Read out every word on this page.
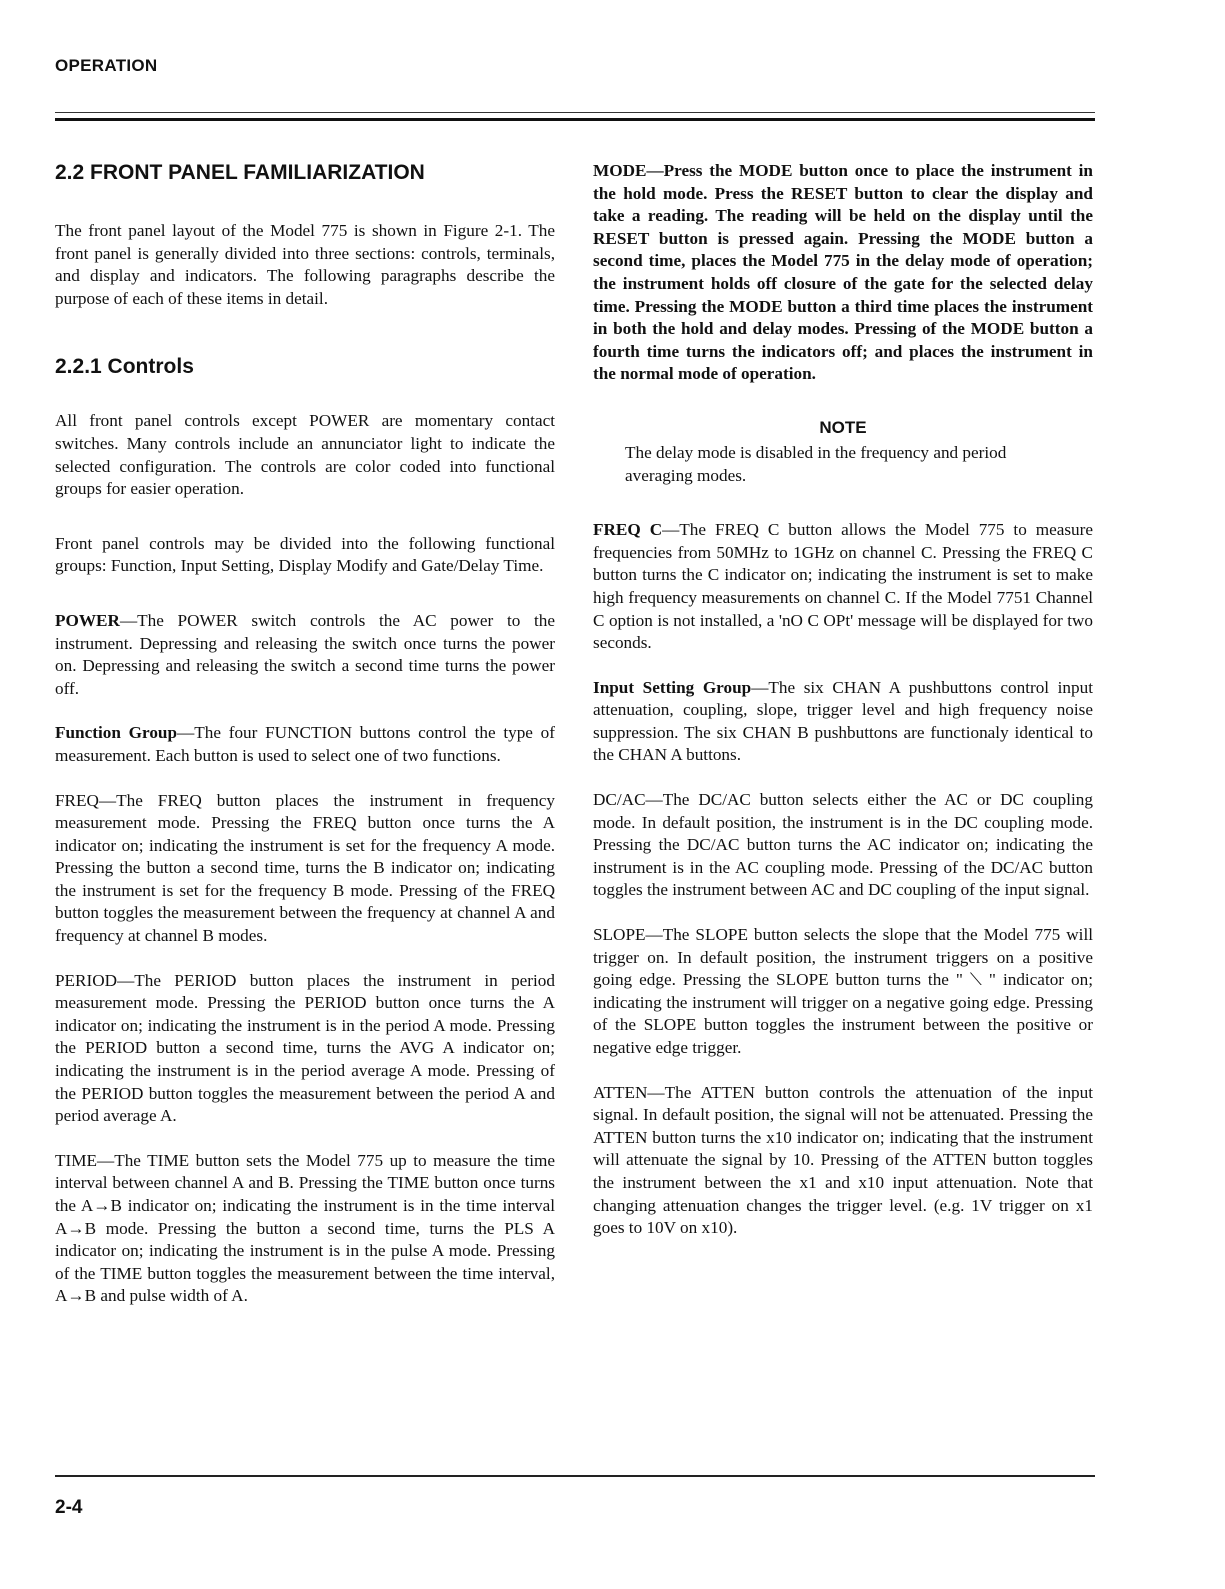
OPERATION
2.2 FRONT PANEL FAMILIARIZATION

The front panel layout of the Model 775 is shown in Figure 2-1. The front panel is generally divided into three sections: controls, terminals, and display and indicators. The following paragraphs describe the purpose of each of these items in detail.

2.2.1 Controls

All front panel controls except POWER are momentary contact switches. Many controls include an annunciator light to indicate the selected configuration. The controls are color coded into functional groups for easier operation.

Front panel controls may be divided into the following functional groups: Function, Input Setting, Display Modify and Gate/Delay Time.

POWER—The POWER switch controls the AC power to the instrument. Depressing and releasing the switch once turns the power on. Depressing and releasing the switch a second time turns the power off.

Function Group—The four FUNCTION buttons control the type of measurement. Each button is used to select one of two functions.

FREQ—The FREQ button places the instrument in frequency measurement mode. Pressing the FREQ button once turns the A indicator on; indicating the instrument is set for the frequency A mode. Pressing the button a second time, turns the B indicator on; indicating the instrument is set for the frequency B mode. Pressing of the FREQ button toggles the measurement between the frequency at channel A and frequency at channel B modes.

PERIOD—The PERIOD button places the instrument in period measurement mode. Pressing the PERIOD button once turns the A indicator on; indicating the instrument is in the period A mode. Pressing the PERIOD button a second time, turns the AVG A indicator on; indicating the instrument is in the period average A mode. Pressing of the PERIOD button toggles the measurement between the period A and period average A.

TIME—The TIME button sets the Model 775 up to measure the time interval between channel A and B. Pressing the TIME button once turns the A→B indicator on; indicating the instrument is in the time interval A→B mode. Pressing the button a second time, turns the PLS A indicator on; indicating the instrument is in the pulse A mode. Pressing of the TIME button toggles the measurement between the time interval, A→B and pulse width of A.

MODE—Press the MODE button once to place the instrument in the hold mode. Press the RESET button to clear the display and take a reading. The reading will be held on the display until the RESET button is pressed again. Pressing the MODE button a second time, places the Model 775 in the delay mode of operation; the instrument holds off closure of the gate for the selected delay time. Pressing the MODE button a third time places the instrument in both the hold and delay modes. Pressing of the MODE button a fourth time turns the indicators off; and places the instrument in the normal mode of operation.

NOTE

The delay mode is disabled in the frequency and period averaging modes.

FREQ C—The FREQ C button allows the Model 775 to measure frequencies from 50MHz to 1GHz on channel C. Pressing the FREQ C button turns the C indicator on; indicating the instrument is set to make high frequency measurements on channel C. If the Model 7751 Channel C option is not installed, a 'nO C OPt' message will be displayed for two seconds.

Input Setting Group—The six CHAN A pushbuttons control input attenuation, coupling, slope, trigger level and high frequency noise suppression. The six CHAN B pushbuttons are functionaly identical to the CHAN A buttons.

DC/AC—The DC/AC button selects either the AC or DC coupling mode. In default position, the instrument is in the DC coupling mode. Pressing the DC/AC button turns the AC indicator on; indicating the instrument is in the AC coupling mode. Pressing of the DC/AC button toggles the instrument between AC and DC coupling of the input signal.

SLOPE—The SLOPE button selects the slope that the Model 775 will trigger on. In default position, the instrument triggers on a positive going edge. Pressing the SLOPE button turns the " ⟍ " indicator on; indicating the instrument will trigger on a negative going edge. Pressing of the SLOPE button toggles the instrument between the positive or negative edge trigger.

ATTEN—The ATTEN button controls the attenuation of the input signal. In default position, the signal will not be attenuated. Pressing the ATTEN button turns the x10 indicator on; indicating that the instrument will attenuate the signal by 10. Pressing of the ATTEN button toggles the instrument between the x1 and x10 input attenuation. Note that changing attenuation changes the trigger level. (e.g. 1V trigger on x1 goes to 10V on x10).

2-4
